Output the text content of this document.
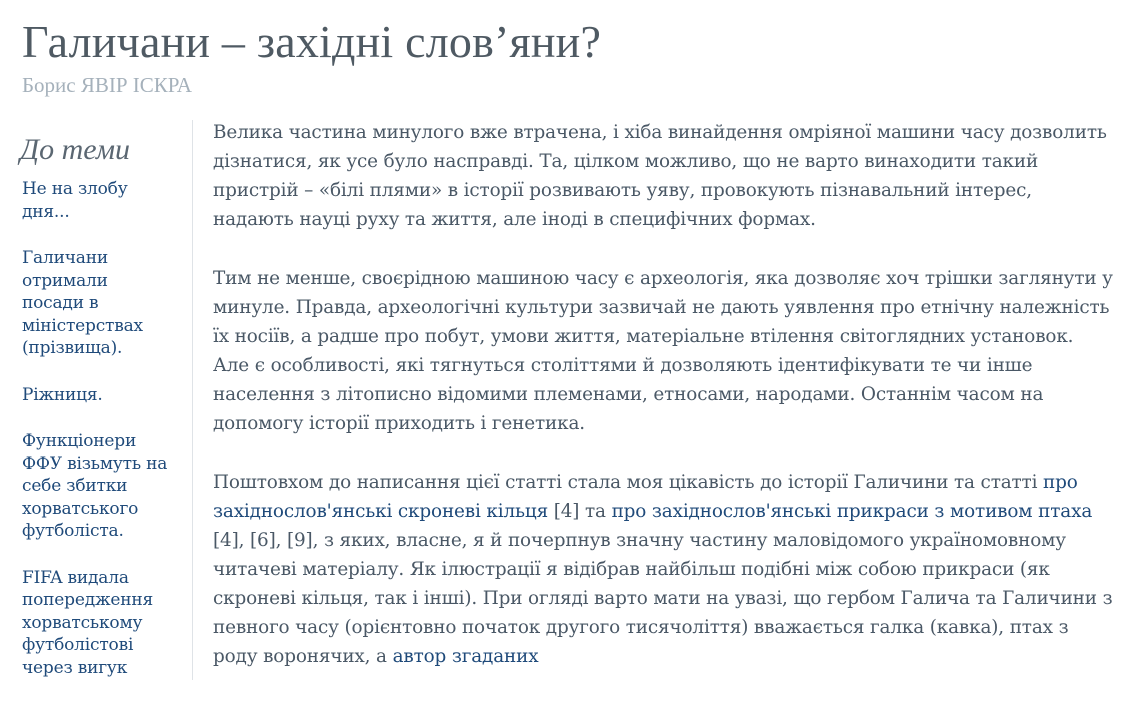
Галичани – західні слов’яни?
Борис ЯВІР ІСКРА
До теми
Не на злобу дня...
Галичани отримали посади в міністерствах (прізвища).
Ріжниця.
Функціонери ФФУ візьмуть на себе збитки хорватського футболіста.
FIFA видала попередження хорватському футболістові через вигук

Велика частина минулого вже втрачена, і хіба винайдення омріяної машини часу дозволить дізнатися, як усе було насправді. Та, цілком можливо, що не варто винаходити такий пристрій – «білі плями» в історії розвивають уяву, провокують пізнавальний інтерес, надають науці руху та життя, але іноді в специфічних формах.

Тим не менше, своєрідною машиною часу є археологія, яка дозволяє хоч трішки заглянути у минуле. Правда, археологічні культури зазвичай не дають уявлення про етнічну належність їх носіїв, а радше про побут, умови життя, матеріальне втілення світоглядних установок. Але є особливості, які тягнуться століттями й дозволяють ідентифікувати те чи інше населення з літописно відомими племенами, етносами, народами. Останнім часом на допомогу історії приходить і генетика.

Поштовхом до написання цієї статті стала моя цікавість до історії Галичини та статті про західнослов'янські скроневі кільця [4] та про західнослов'янські прикраси з мотивом птаха [4], [6], [9], з яких, власне, я й почерпнув значну частину маловідомого україномовному читачеві матеріалу. Як ілюстрації я відібрав найбільш подібні між собою прикраси (як скроневі кільця, так і інші). При огляді варто мати на увазі, що гербом Галича та Галичини з певного часу (орієнтовно початок другого тисячоліття) вважається галка (кавка), птах з роду воронячих, а автор згаданих
